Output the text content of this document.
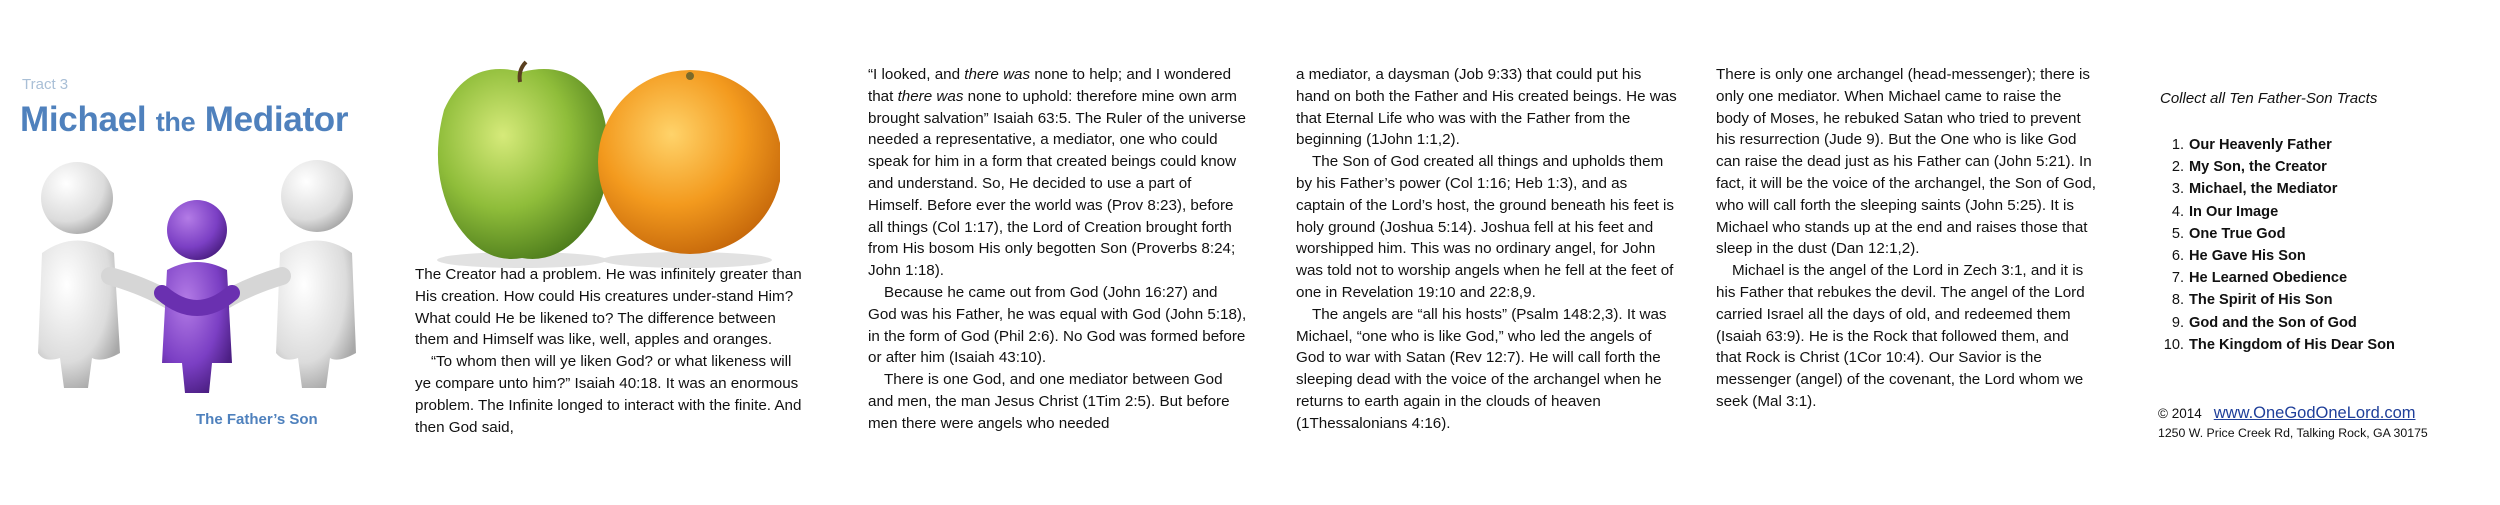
Tract 3
Michael the Mediator
The Father’s Son

The Creator had a problem. He was infinitely greater than His creation. How could His creatures under-stand Him? What could He be likened to? The difference between them and Himself was like, well, apples and oranges.

“To whom then will ye liken God? or what likeness will ye compare unto him?” Isaiah 40:18. It was an enormous problem. The Infinite longed to interact with the finite. And then God said,

“I looked, and there was none to help; and I wondered that there was none to uphold: therefore mine own arm brought salvation” Isaiah 63:5. The Ruler of the universe needed a representative, a mediator, one who could speak for him in a form that created beings could know and understand. So, He decided to use a part of Himself. Before ever the world was (Prov 8:23), before all things (Col 1:17), the Lord of Creation brought forth from His bosom His only begotten Son (Proverbs 8:24; John 1:18).

Because he came out from God (John 16:27) and God was his Father, he was equal with God (John 5:18), in the form of God (Phil 2:6). No God was formed before or after him (Isaiah 43:10).

There is one God, and one mediator between God and men, the man Jesus Christ (1Tim 2:5). But before men there were angels who needed

a mediator, a daysman (Job 9:33) that could put his hand on both the Father and His created beings. He was that Eternal Life who was with the Father from the beginning (1John 1:1,2).

The Son of God created all things and upholds them by his Father’s power (Col 1:16; Heb 1:3), and as captain of the Lord’s host, the ground beneath his feet is holy ground (Joshua 5:14). Joshua fell at his feet and worshipped him. This was no ordinary angel, for John was told not to worship angels when he fell at the feet of one in Revelation 19:10 and 22:8,9.

The angels are “all his hosts” (Psalm 148:2,3). It was Michael, “one who is like God,” who led the angels of God to war with Satan (Rev 12:7). He will call forth the sleeping dead with the voice of the archangel when he returns to earth again in the clouds of heaven (1Thessalonians 4:16).

There is only one archangel (head-messenger); there is only one mediator. When Michael came to raise the body of Moses, he rebuked Satan who tried to prevent his resurrection (Jude 9). But the One who is like God can raise the dead just as his Father can (John 5:21). In fact, it will be the voice of the archangel, the Son of God, who will call forth the sleeping saints (John 5:25). It is Michael who stands up at the end and raises those that sleep in the dust (Dan 12:1,2).

Michael is the angel of the Lord in Zech 3:1, and it is his Father that rebukes the devil. The angel of the Lord carried Israel all the days of old, and redeemed them (Isaiah 63:9). He is the Rock that followed them, and that Rock is Christ (1Cor 10:4). Our Savior is the messenger (angel) of the covenant, the Lord whom we seek (Mal 3:1).

Collect all Ten Father-Son Tracts
1. Our Heavenly Father
2. My Son, the Creator
3. Michael, the Mediator
4. In Our Image
5. One True God
6. He Gave His Son
7. He Learned Obedience
8. The Spirit of His Son
9. God and the Son of God
10. The Kingdom of His Dear Son
© 2014 www.OneGodOneLord.com
1250 W. Price Creek Rd, Talking Rock, GA 30175
